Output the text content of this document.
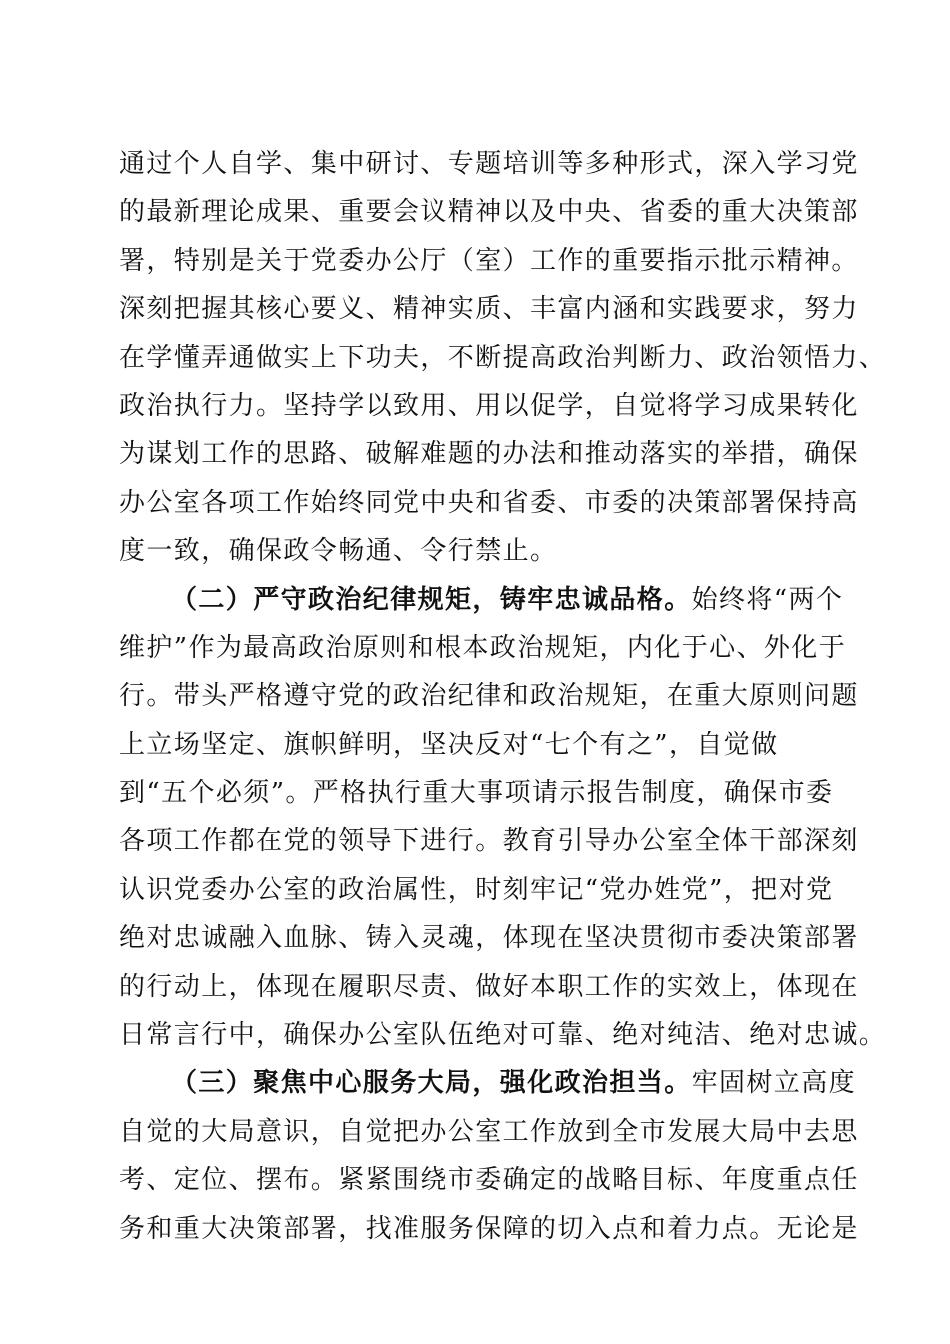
通过个人自学、集中研讨、专题培训等多种形式，深入学习党
的最新理论成果、重要会议精神以及中央、省委的重大决策部
署，特别是关于党委办公厅（室）工作的重要指示批示精神。
深刻把握其核心要义、精神实质、丰富内涵和实践要求，努力
在学懂弄通做实上下功夫，不断提高政治判断力、政治领悟力、
政治执行力。坚持学以致用、用以促学，自觉将学习成果转化
为谋划工作的思路、破解难题的办法和推动落实的举措，确保
办公室各项工作始终同党中央和省委、市委的决策部署保持高
度一致，确保政令畅通、令行禁止。
（二）严守政治纪律规矩，铸牢忠诚品格。始终将“两个
维护”作为最高政治原则和根本政治规矩，内化于心、外化于
行。带头严格遵守党的政治纪律和政治规矩，在重大原则问题
上立场坚定、旗帜鲜明，坚决反对“七个有之”，自觉做
到“五个必须”。严格执行重大事项请示报告制度，确保市委
各项工作都在党的领导下进行。教育引导办公室全体干部深刻
认识党委办公室的政治属性，时刻牢记“党办姓党”，把对党
绝对忠诚融入血脉、铸入灵魂，体现在坚决贯彻市委决策部署
的行动上，体现在履职尽责、做好本职工作的实效上，体现在
日常言行中，确保办公室队伍绝对可靠、绝对纯洁、绝对忠诚。
（三）聚焦中心服务大局，强化政治担当。牢固树立高度
自觉的大局意识，自觉把办公室工作放到全市发展大局中去思
考、定位、摆布。紧紧围绕市委确定的战略目标、年度重点任
务和重大决策部署，找准服务保障的切入点和着力点。无论是
